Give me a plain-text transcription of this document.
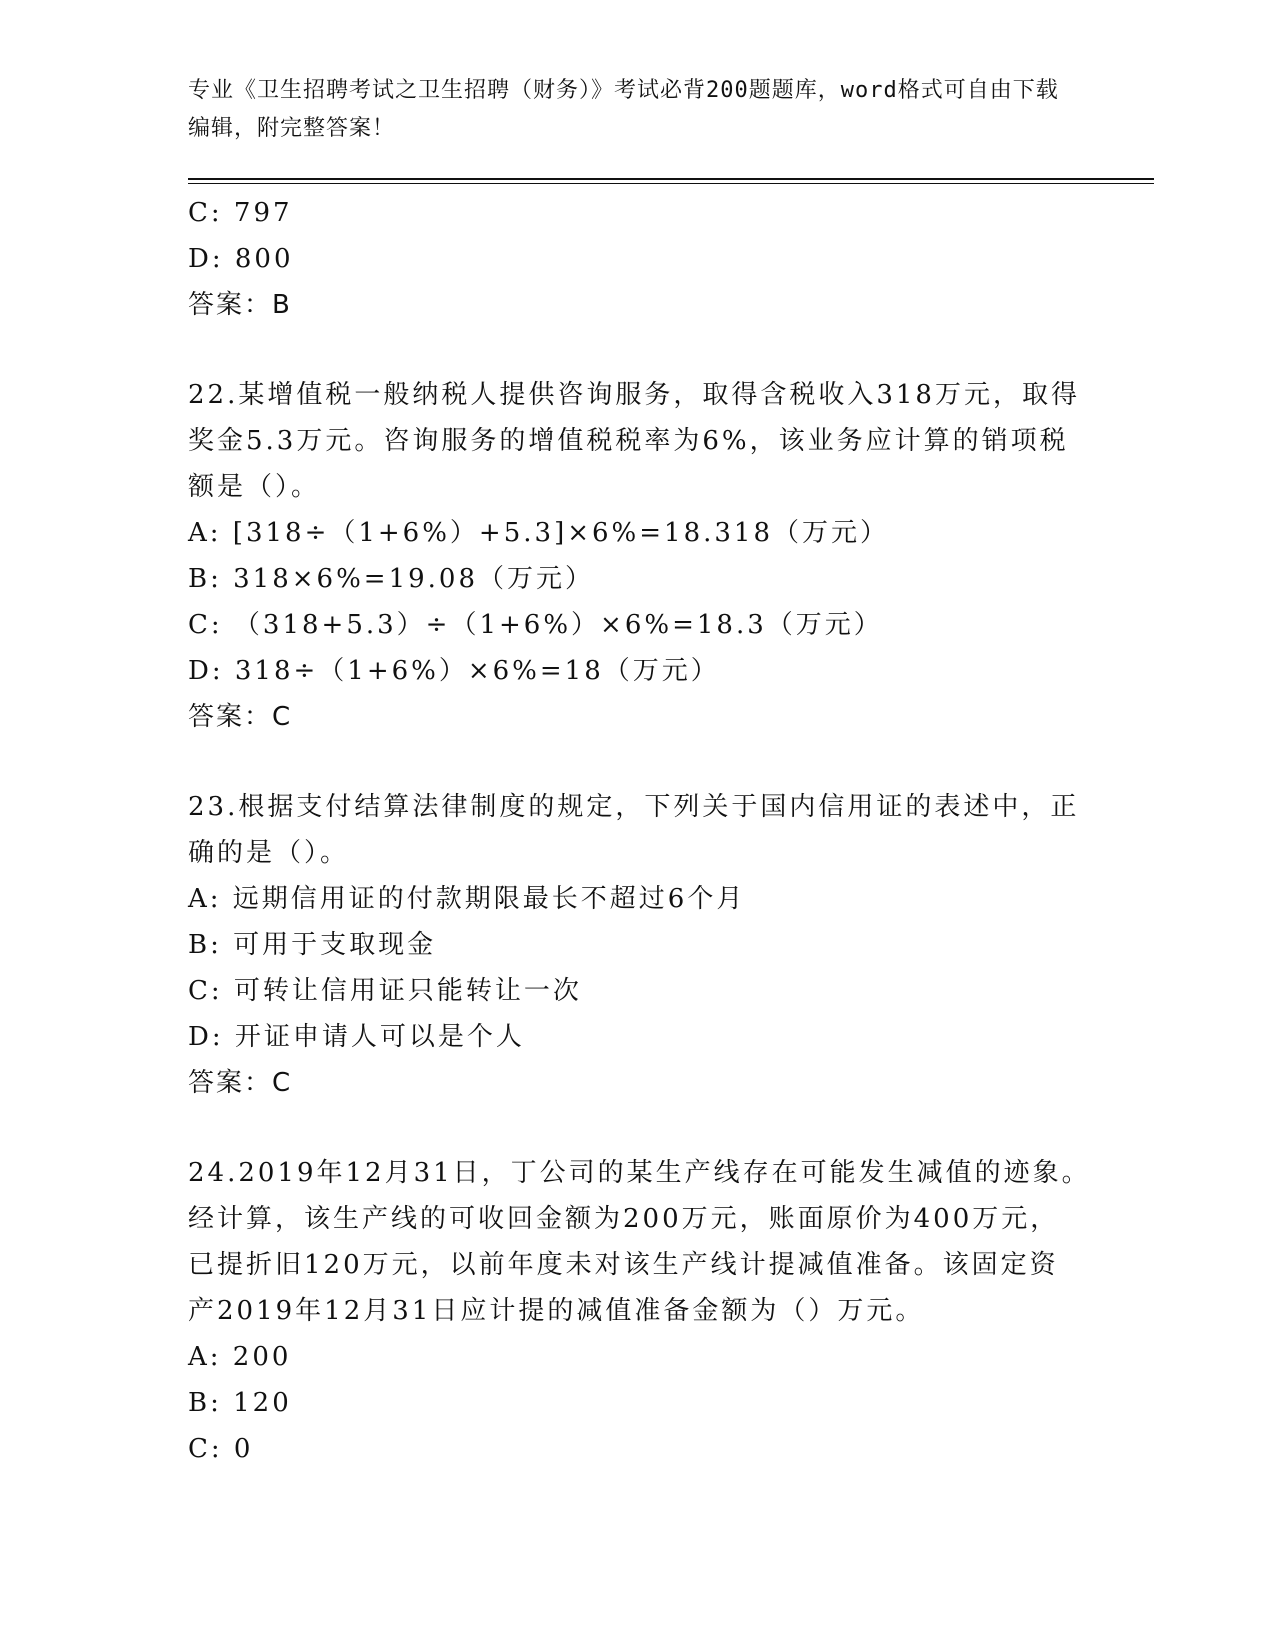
专业《卫生招聘考试之卫生招聘（财务）》考试必背200题题库，word格式可自由下载编辑，附完整答案！
C: 797
D: 800
答案：B
22.某增值税一般纳税人提供咨询服务，取得含税收入318万元，取得
奖金5.3万元。咨询服务的增值税税率为6%，该业务应计算的销项税
额是（）。
A: [318÷（1+6%）+5.3]×6%=18.318（万元）
B: 318×6%=19.08（万元）
C: （318+5.3）÷（1+6%）×6%=18.3（万元）
D: 318÷（1+6%）×6%=18（万元）
答案：C
23.根据支付结算法律制度的规定，下列关于国内信用证的表述中，正
确的是（）。
A: 远期信用证的付款期限最长不超过6个月
B: 可用于支取现金
C: 可转让信用证只能转让一次
D: 开证申请人可以是个人
答案：C
24.2019年12月31日，丁公司的某生产线存在可能发生减值的迹象。
经计算，该生产线的可收回金额为200万元，账面原价为400万元，
已提折旧120万元，以前年度未对该生产线计提减值准备。该固定资
产2019年12月31日应计提的减值准备金额为（）万元。
A: 200
B: 120
C: 0
